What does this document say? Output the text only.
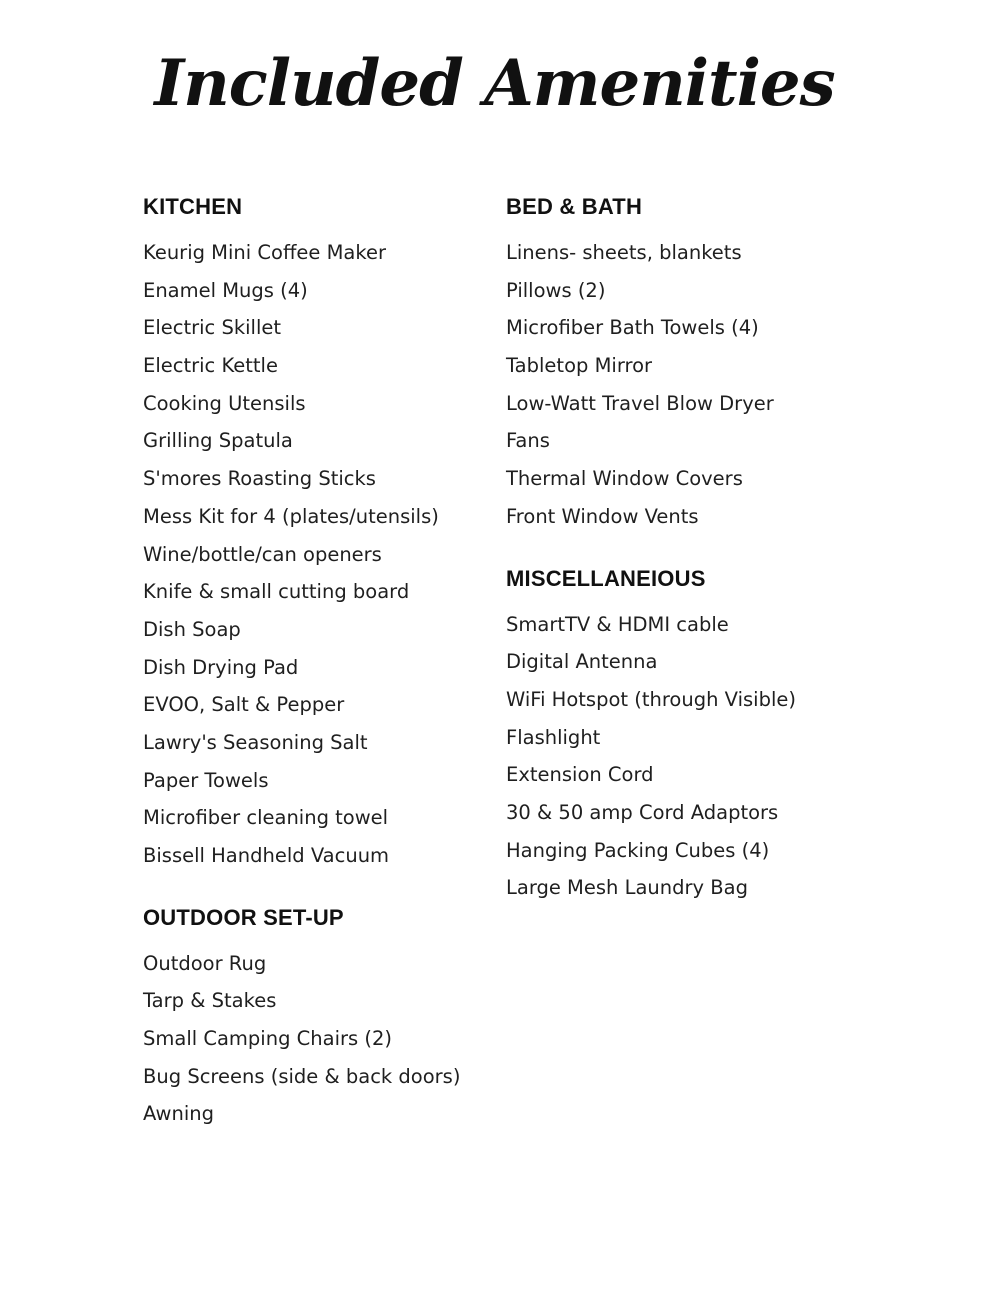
Included Amenities
KITCHEN
Keurig Mini Coffee Maker
Enamel Mugs (4)
Electric Skillet
Electric Kettle
Cooking Utensils
Grilling Spatula
S'mores Roasting Sticks
Mess Kit for 4 (plates/utensils)
Wine/bottle/can openers
Knife & small cutting board
Dish Soap
Dish Drying Pad
EVOO, Salt & Pepper
Lawry's Seasoning Salt
Paper Towels
Microfiber cleaning towel
Bissell Handheld Vacuum
OUTDOOR SET-UP
Outdoor Rug
Tarp & Stakes
Small Camping Chairs (2)
Bug Screens (side & back doors)
Awning
BED & BATH
Linens- sheets, blankets
Pillows (2)
Microfiber Bath Towels (4)
Tabletop Mirror
Low-Watt Travel Blow Dryer
Fans
Thermal Window Covers
Front Window Vents
MISCELLANEIOUS
SmartTV & HDMI cable
Digital Antenna
WiFi Hotspot (through Visible)
Flashlight
Extension Cord
30 & 50 amp Cord Adaptors
Hanging Packing Cubes (4)
Large Mesh Laundry Bag
